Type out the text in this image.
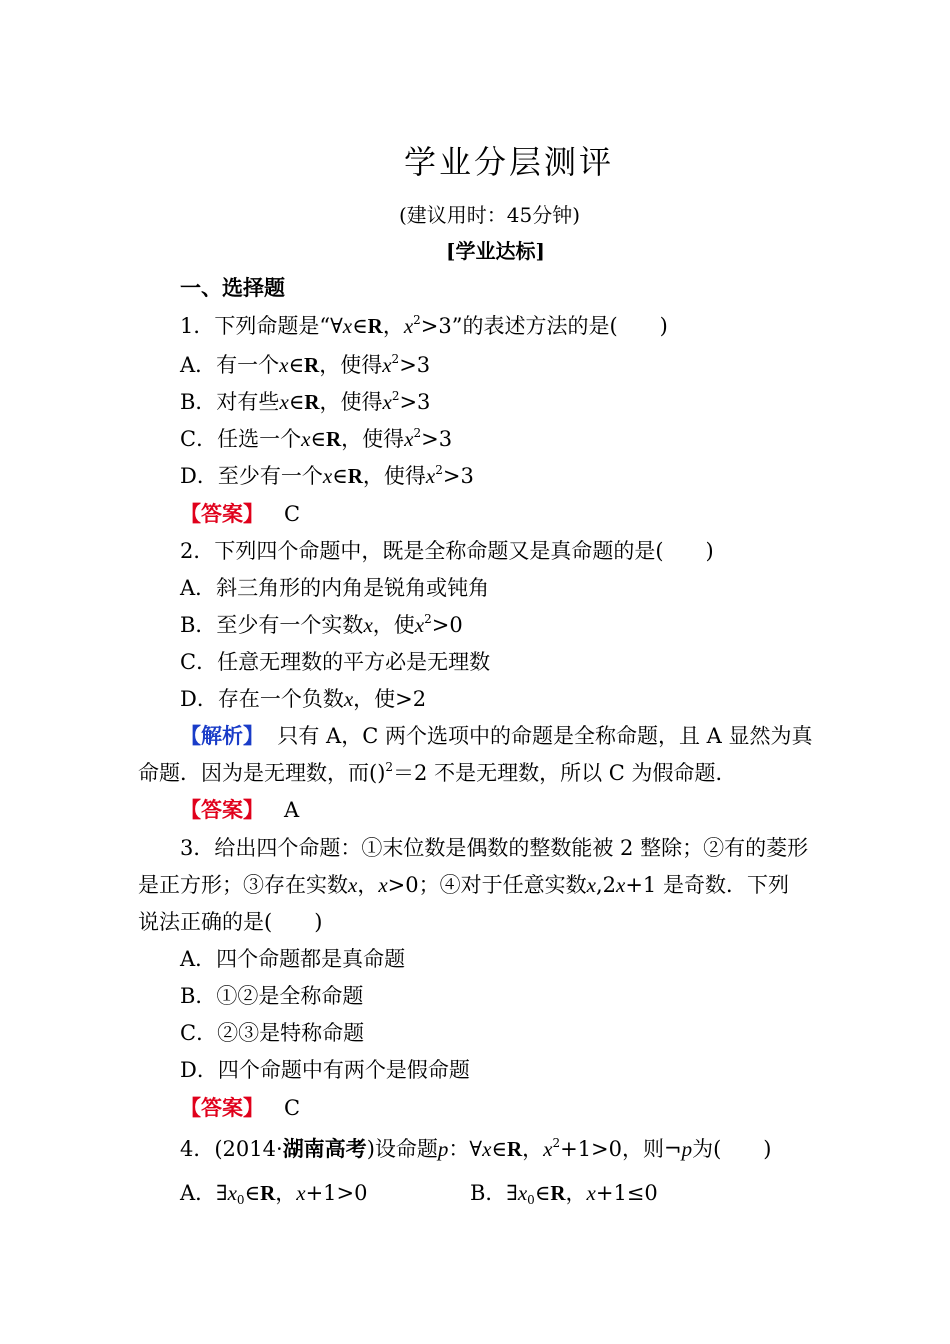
学业分层测评
(建议用时：45分钟)
[学业达标]
一、选择题
1．下列命题是“∀x∈R，$x^2>3$”的表述方法的是(　　)
A．有一个x∈R，使得$x^2>3$
B．对有些x∈R，使得$x^2>3$
C．任选一个x∈R，使得$x^2>3$
D．至少有一个x∈R，使得$x^2>3$
【答案】 C
2．下列四个命题中，既是全称命题又是真命题的是(　　)
A．斜三角形的内角是锐角或钝角
B．至少有一个实数x，使$x^2>0$
C．任意无理数的平方必是无理数
D．存在一个负数x，使>2
【解析】 只有 A，C 两个选项中的命题是全称命题，且 A 显然为真
命题．因为是无理数，而()$^2$＝2 不是无理数，所以 C 为假命题．
【答案】 A
3．给出四个命题：①末位数是偶数的整数能被 2 整除；②有的菱形
是正方形；③存在实数x，x>0；④对于任意实数x,2x+1 是奇数．下列
说法正确的是(　　)
A．四个命题都是真命题
B．①②是全称命题
C．②③是特称命题
D．四个命题中有两个是假命题
【答案】 C
4．(2014·湖南高考)设命题p：∀x∈R，$x^2+1>0$，则¬p为(　　)
A．$\exists x_0\in R$，x+1>0	B．$\exists x_0\in R$，x+1≤0
